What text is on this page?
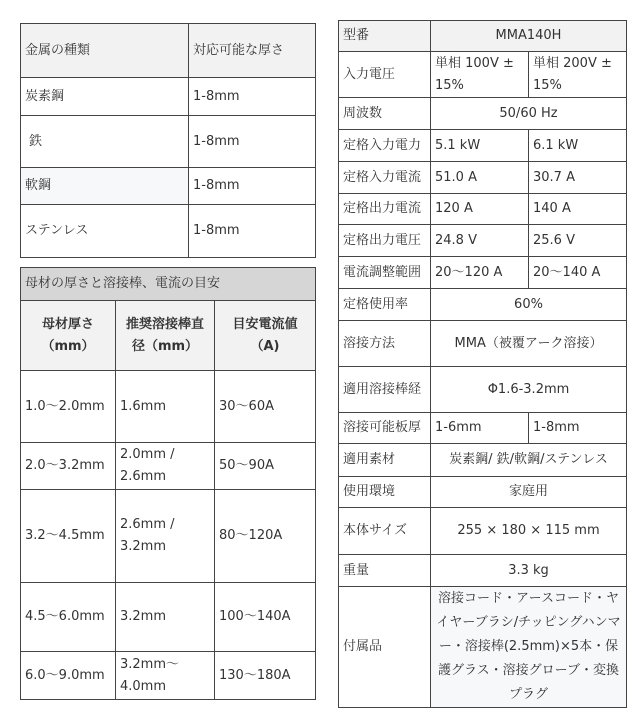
金属の種類	対応可能な厚さ
炭素鋼	1-8mm
鉄	1-8mm
軟鋼	1-8mm
ステンレス	1-8mm
母材の厚さと溶接棒、電流の目安		
母材厚さ（mm）	推奨溶接棒直径（mm）	目安電流値（A)
1.0〜2.0mm	1.6mm	30〜60A
2.0〜3.2mm	2.0mm / 2.6mm	50〜90A
3.2〜4.5mm	2.6mm / 3.2mm	80〜120A
4.5〜6.0mm	3.2mm	100〜140A
6.0〜9.0mm	3.2mm〜4.0mm	130〜180A
型番	MMA140H	
入力電圧	単相 100V ± 15%	単相 200V ± 15%
周波数	50/60 Hz	
定格入力電力	5.1 kW	6.1 kW
定格入力電流	51.0 A	30.7 A
定格出力電流	120 A	140 A
定格出力電圧	24.8 V	25.6 V
電流調整範囲	20〜120 A	20〜140 A
定格使用率	60%	
溶接方法	MMA（被覆アーク溶接）	
適用溶接棒経	Φ1.6-3.2mm	
溶接可能板厚	1-6mm	1-8mm
適用素材	炭素鋼/ 鉄/軟鋼/ステンレス	
使用環境	家庭用	
本体サイズ	255 × 180 × 115 mm	
重量	3.3 kg	
付属品	溶接コード・アースコード・ヤイヤーブラシ/チッピングハンマー・溶接棒(2.5mm)×5本・保護グラス・溶接グローブ・変換プラグ	
